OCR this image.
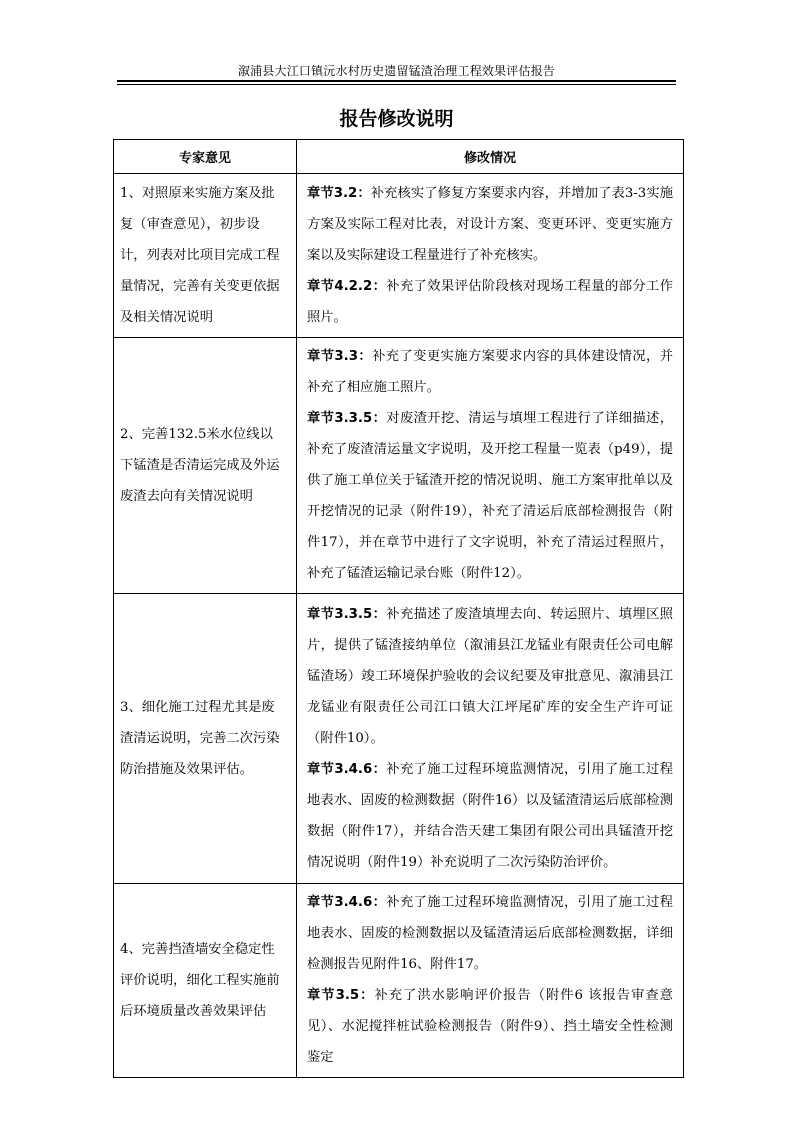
溆浦县大江口镇沅水村历史遗留锰渣治理工程效果评估报告
报告修改说明
专家意见	修改情况
1、对照原来实施方案及批复（审查意见），初步设计，列表对比项目完成工程量情况，完善有关变更依据及相关情况说明	章节3.2：补充核实了修复方案要求内容，并增加了表3-3实施方案及实际工程对比表，对设计方案、变更环评、变更实施方案以及实际建设工程量进行了补充核实。

章节4.2.2：补充了效果评估阶段核对现场工程量的部分工作照片。

2、完善132.5米水位线以下锰渣是否清运完成及外运废渣去向有关情况说明	章节3.3：补充了变更实施方案要求内容的具体建设情况，并补充了相应施工照片。

章节3.3.5：对废渣开挖、清运与填埋工程进行了详细描述，补充了废渣清运量文字说明，及开挖工程量一览表（p49），提供了施工单位关于锰渣开挖的情况说明、施工方案审批单以及开挖情况的记录（附件19），补充了清运后底部检测报告（附件17），并在章节中进行了文字说明，补充了清运过程照片，补充了锰渣运输记录台账（附件12）。

3、细化施工过程尤其是废渣清运说明，完善二次污染防治措施及效果评估。	章节3.3.5：补充描述了废渣填埋去向、转运照片、填埋区照片，提供了锰渣接纳单位（溆浦县江龙锰业有限责任公司电解锰渣场）竣工环境保护验收的会议纪要及审批意见、溆浦县江龙锰业有限责任公司江口镇大江坪尾矿库的安全生产许可证（附件10）。

章节3.4.6：补充了施工过程环境监测情况，引用了施工过程地表水、固废的检测数据（附件16）以及锰渣清运后底部检测数据（附件17），并结合浩天建工集团有限公司出具锰渣开挖情况说明（附件19）补充说明了二次污染防治评价。

4、完善挡渣墙安全稳定性评价说明，细化工程实施前后环境质量改善效果评估	章节3.4.6：补充了施工过程环境监测情况，引用了施工过程地表水、固废的检测数据以及锰渣清运后底部检测数据，详细检测报告见附件16、附件17。

章节3.5：补充了洪水影响评价报告（附件6 该报告审查意见）、水泥搅拌桩试验检测报告（附件9）、挡土墙安全性检测鉴定
